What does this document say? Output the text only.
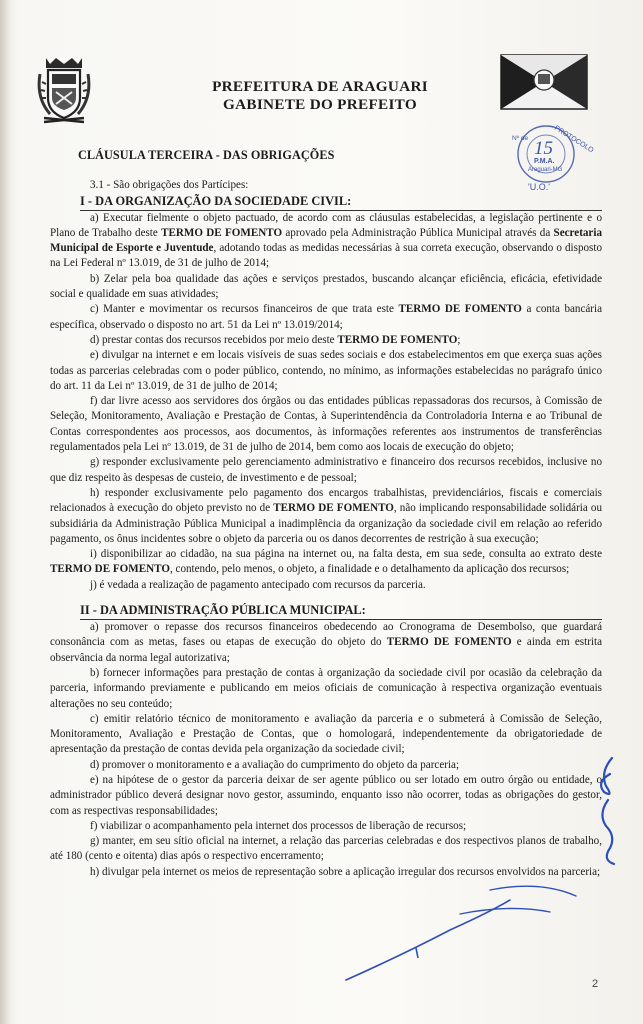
PREFEITURA DE ARAGUARI
GABINETE DO PREFEITO
PROTOCOLO
Nº de 15
P.M.A.
Araguari-MG
'U.O.'
CLÁUSULA TERCEIRA - DAS OBRIGAÇÕES
3.1 - São obrigações dos Partícipes:
I - DA ORGANIZAÇÃO DA SOCIEDADE CIVIL:
a) Executar fielmente o objeto pactuado, de acordo com as cláusulas estabelecidas, a legislação pertinente e o Plano de Trabalho deste TERMO DE FOMENTO aprovado pela Administração Pública Municipal através da Secretaria Municipal de Esporte e Juventude, adotando todas as medidas necessárias à sua correta execução, observando o disposto na Lei Federal nº 13.019, de 31 de julho de 2014;
b) Zelar pela boa qualidade das ações e serviços prestados, buscando alcançar eficiência, eficácia, efetividade social e qualidade em suas atividades;
c) Manter e movimentar os recursos financeiros de que trata este TERMO DE FOMENTO a conta bancária específica, observado o disposto no art. 51 da Lei nº 13.019/2014;
d) prestar contas dos recursos recebidos por meio deste TERMO DE FOMENTO;
e) divulgar na internet e em locais visíveis de suas sedes sociais e dos estabelecimentos em que exerça suas ações todas as parcerias celebradas com o poder público, contendo, no mínimo, as informações estabelecidas no parágrafo único do art. 11 da Lei nº 13.019, de 31 de julho de 2014;
f) dar livre acesso aos servidores dos órgãos ou das entidades públicas repassadoras dos recursos, à Comissão de Seleção, Monitoramento, Avaliação e Prestação de Contas, à Superintendência da Controladoria Interna e ao Tribunal de Contas correspondentes aos processos, aos documentos, às informações referentes aos instrumentos de transferências regulamentados pela Lei nº 13.019, de 31 de julho de 2014, bem como aos locais de execução do objeto;
g) responder exclusivamente pelo gerenciamento administrativo e financeiro dos recursos recebidos, inclusive no que diz respeito às despesas de custeio, de investimento e de pessoal;
h) responder exclusivamente pelo pagamento dos encargos trabalhistas, previdenciários, fiscais e comerciais relacionados à execução do objeto previsto no de TERMO DE FOMENTO, não implicando responsabilidade solidária ou subsidiária da Administração Pública Municipal a inadimplência da organização da sociedade civil em relação ao referido pagamento, os ônus incidentes sobre o objeto da parceria ou os danos decorrentes de restrição à sua execução;
i) disponibilizar ao cidadão, na sua página na internet ou, na falta desta, em sua sede, consulta ao extrato deste TERMO DE FOMENTO, contendo, pelo menos, o objeto, a finalidade e o detalhamento da aplicação dos recursos;
j) é vedada a realização de pagamento antecipado com recursos da parceria.
II - DA ADMINISTRAÇÃO PÚBLICA MUNICIPAL:
a) promover o repasse dos recursos financeiros obedecendo ao Cronograma de Desembolso, que guardará consonância com as metas, fases ou etapas de execução do objeto do TERMO DE FOMENTO e ainda em estrita observância da norma legal autorizativa;
b) fornecer informações para prestação de contas à organização da sociedade civil por ocasião da celebração da parceria, informando previamente e publicando em meios oficiais de comunicação à respectiva organização eventuais alterações no seu conteúdo;
c) emitir relatório técnico de monitoramento e avaliação da parceria e o submeterá à Comissão de Seleção, Monitoramento, Avaliação e Prestação de Contas, que o homologará, independentemente da obrigatoriedade de apresentação da prestação de contas devida pela organização da sociedade civil;
d) promover o monitoramento e a avaliação do cumprimento do objeto da parceria;
e) na hipótese de o gestor da parceria deixar de ser agente público ou ser lotado em outro órgão ou entidade, o administrador público deverá designar novo gestor, assumindo, enquanto isso não ocorrer, todas as obrigações do gestor, com as respectivas responsabilidades;
f) viabilizar o acompanhamento pela internet dos processos de liberação de recursos;
g) manter, em seu sítio oficial na internet, a relação das parcerias celebradas e dos respectivos planos de trabalho, até 180 (cento e oitenta) dias após o respectivo encerramento;
h) divulgar pela internet os meios de representação sobre a aplicação irregular dos recursos envolvidos na parceria;
2
